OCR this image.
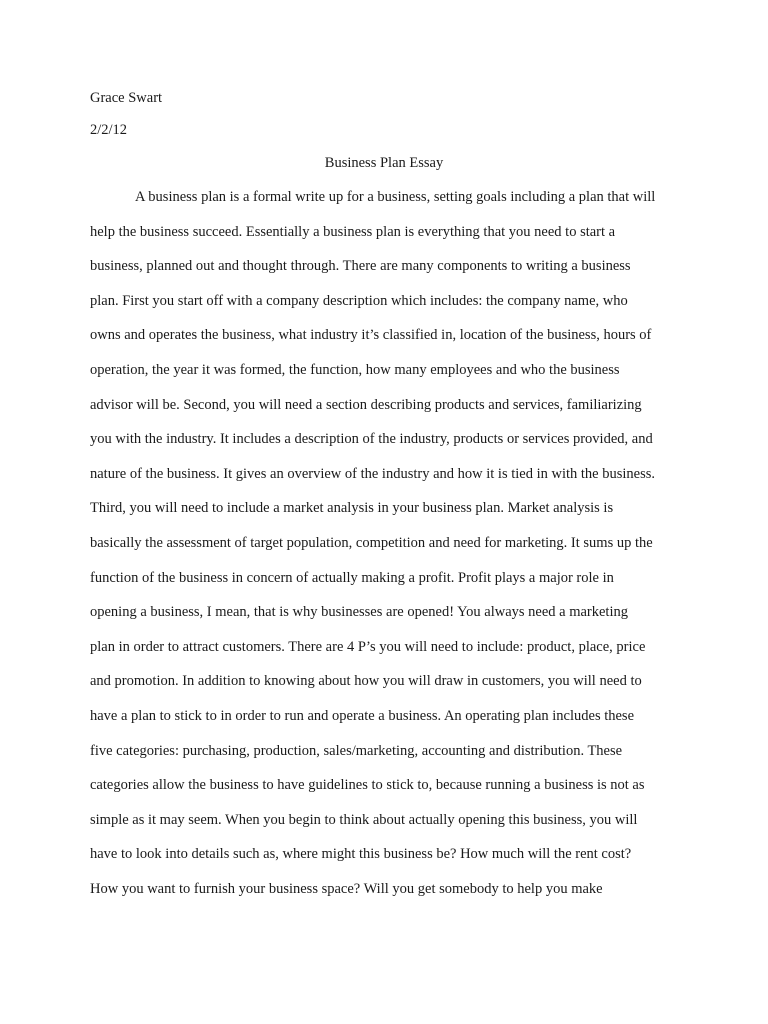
Grace Swart
2/2/12
Business Plan Essay
A business plan is a formal write up for a business, setting goals including a plan that will
help the business succeed. Essentially a business plan is everything that you need to start a
business, planned out and thought through. There are many components to writing a business
plan. First you start off with a company description which includes: the company name, who
owns and operates the business, what industry it’s classified in, location of the business, hours of
operation, the year it was formed, the function, how many employees and who the business
advisor will be. Second, you will need a section describing products and services, familiarizing
you with the industry. It includes a description of the industry, products or services provided, and
nature of the business. It gives an overview of the industry and how it is tied in with the business.
Third, you will need to include a market analysis in your business plan. Market analysis is
basically the assessment of target population, competition and need for marketing. It sums up the
function of the business in concern of actually making a profit. Profit plays a major role in
opening a business, I mean, that is why businesses are opened! You always need a marketing
plan in order to attract customers. There are 4 P’s you will need to include: product, place, price
and promotion. In addition to knowing about how you will draw in customers, you will need to
have a plan to stick to in order to run and operate a business. An operating plan includes these
five categories: purchasing, production, sales/marketing, accounting and distribution. These
categories allow the business to have guidelines to stick to, because running a business is not as
simple as it may seem. When you begin to think about actually opening this business, you will
have to look into details such as, where might this business be? How much will the rent cost?
How you want to furnish your business space? Will you get somebody to help you make
